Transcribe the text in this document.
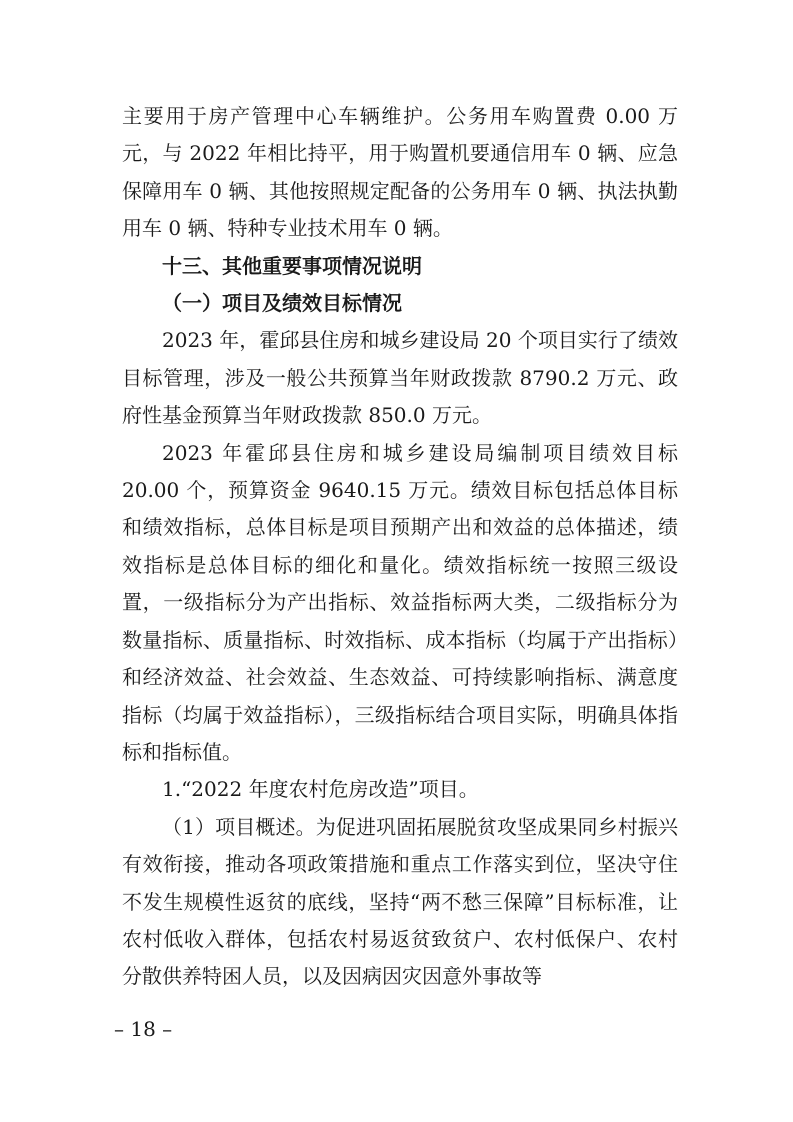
主要用于房产管理中心车辆维护。公务用车购置费 0.00 万元，与 2022 年相比持平，用于购置机要通信用车 0 辆、应急保障用车 0 辆、其他按照规定配备的公务用车 0 辆、执法执勤用车 0 辆、特种专业技术用车 0 辆。

十三、其他重要事项情况说明

（一）项目及绩效目标情况

2023 年，霍邱县住房和城乡建设局 20 个项目实行了绩效目标管理，涉及一般公共预算当年财政拨款 8790.2 万元、政府性基金预算当年财政拨款 850.0 万元。

2023 年霍邱县住房和城乡建设局编制项目绩效目标 20.00 个，预算资金 9640.15 万元。绩效目标包括总体目标和绩效指标，总体目标是项目预期产出和效益的总体描述，绩效指标是总体目标的细化和量化。绩效指标统一按照三级设置，一级指标分为产出指标、效益指标两大类，二级指标分为数量指标、质量指标、时效指标、成本指标（均属于产出指标）和经济效益、社会效益、生态效益、可持续影响指标、满意度指标（均属于效益指标），三级指标结合项目实际，明确具体指标和指标值。

1.“2022 年度农村危房改造”项目。

（1）项目概述。为促进巩固拓展脱贫攻坚成果同乡村振兴有效衔接，推动各项政策措施和重点工作落实到位，坚决守住不发生规模性返贫的底线，坚持“两不愁三保障”目标标准，让农村低收入群体，包括农村易返贫致贫户、农村低保户、农村分散供养特困人员，以及因病因灾因意外事故等

– 18 –
